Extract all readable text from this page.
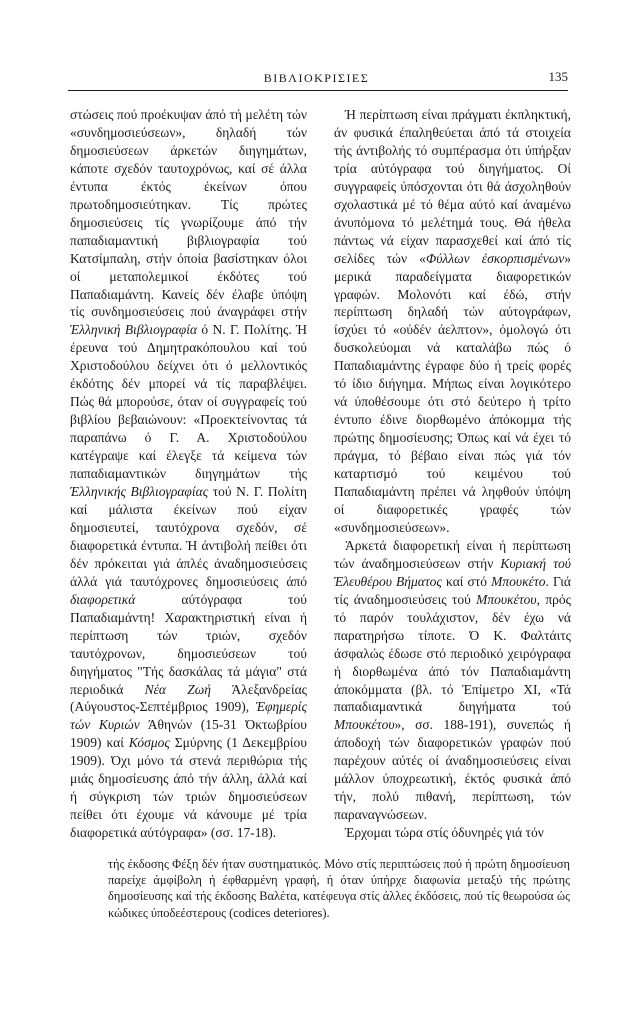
ΒΙΒΛΙΟΚΡΙΣΙΕΣ	135

στώσεις πού προέκυψαν άπό τή μελέτη τών «συνδημοσιεύσεων», δηλαδή τών δημοσιεύσεων άρκετών διηγημάτων, κάποτε σχεδόν ταυτοχρόνως, καί σέ άλλα έντυπα έκτός έκείνων όπου πρωτοδημοσιεύτηκαν. Τίς πρώτες δημοσιεύσεις τίς γνωρίζουμε άπό τήν παπαδιαμαντική βιβλιογραφία τού Κατσίμπαλη, στήν όποία βασίστηκαν όλοι οί μεταπολεμικοί έκδότες τού Παπαδιαμάντη. Κανείς δέν έλαβε ύπόψη τίς συνδημοσιεύσεις πού άναγράφει στήν Έλληνική Βιβλιογραφία ό Ν. Γ. Πολίτης. Ή έρευνα τού Δημητρακόπουλου καί τού Χριστοδούλου δείχνει ότι ό μελλοντικός έκδότης δέν μπορεί νά τίς παραβλέψει. Πώς θά μπορούσε, όταν οί συγγραφείς τού βιβλίου βεβαιώνουν: «Προεκτείνοντας τά παραπάνω ό Γ. Α. Χριστοδούλου κατέγραψε καί έλεγξε τά κείμενα τών παπαδιαμαντικών διηγημάτων τής Έλληνικής Βιβλιογραφίας τού Ν. Γ. Πολίτη καί μάλιστα έκείνων πού είχαν δημοσιευτεί, ταυτόχρονα σχεδόν, σέ διαφορετικά έντυπα. Ή άντιβολή πείθει ότι δέν πρόκειται γιά άπλές άναδημοσιεύσεις άλλά γιά ταυτόχρονες δημοσιεύσεις άπό διαφορετικά αύτόγραφα τού Παπαδιαμάντη! Χαρακτηριστική είναι ή περίπτωση τών τριών, σχεδόν ταυτόχρονων, δημοσιεύσεων τού διηγήματος "Τής δασκάλας τά μάγια" στά περιοδικά Νέα Ζωή Άλεξανδρείας (Αύγουστος-Σεπτέμβριος 1909), Έφημερίς τών Κυριών Άθηνών (15-31 Όκτωβρίου 1909) καί Κόσμος Σμύρνης (1 Δεκεμβρίου 1909). Όχι μόνο τά στενά περιθώρια τής μιάς δημοσίευσης άπό τήν άλλη, άλλά καί ή σύγκριση τών τριών δημοσιεύσεων πείθει ότι έχουμε νά κάνουμε μέ τρία διαφορετικά αύτόγραφα» (σσ. 17-18).

Ή περίπτωση είναι πράγματι έκπληκτική, άν φυσικά έπαληθεύεται άπό τά στοιχεία τής άντιβολής τό συμπέρασμα ότι ύπήρξαν τρία αύτόγραφα τού διηγήματος. Οί συγγραφείς ύπόσχονται ότι θά άσχοληθούν σχολαστικά μέ τό θέμα αύτό καί άναμένω άνυπόμονα τό μελέτημά τους. Θά ήθελα πάντως νά είχαν παρασχεθεί καί άπό τίς σελίδες τών «Φύλλων έσκορπισμένων» μερικά παραδείγματα διαφορετικών γραφών. Μολονότι καί έδώ, στήν περίπτωση δηλαδή τών αύτογράφων, ίσχύει τό «ούδέν άελπτον», όμολογώ ότι δυσκολεύομαι νά καταλάβω πώς ό Παπαδιαμάντης έγραφε δύο ή τρείς φορές τό ίδιο διήγημα. Μήπως είναι λογικότερο νά ύποθέσουμε ότι στό δεύτερο ή τρίτο έντυπο έδινε διορθωμένο άπόκομμα τής πρώτης δημοσίευσης; Όπως καί νά έχει τό πράγμα, τό βέβαιο είναι πώς γιά τόν καταρτισμό τού κειμένου τού Παπαδιαμάντη πρέπει νά ληφθούν ύπόψη οί διαφορετικές γραφές τών «συνδημοσιεύσεων».

Άρκετά διαφορετική είναι ή περίπτωση τών άναδημοσιεύσεων στήν Κυριακή τού Έλευθέρου Βήματος καί στό Μπουκέτο. Γιά τίς άναδημοσιεύσεις τού Μπουκέτου, πρός τό παρόν τουλάχιστον, δέν έχω νά παρατηρήσω τίποτε. Ό Κ. Φαλτάιτς άσφαλώς έδωσε στό περιοδικό χειρόγραφα ή διορθωμένα άπό τόν Παπαδιαμάντη άποκόμματα (βλ. τό Έπίμετρο XI, «Τά παπαδιαμαντικά διηγήματα τού Μπουκέτου», σσ. 188-191), συνεπώς ή άποδοχή τών διαφορετικών γραφών πού παρέχουν αύτές οί άναδημοσιεύσεις είναι μάλλον ύποχρεωτική, έκτός φυσικά άπό τήν, πολύ πιθανή, περίπτωση, τών παραναγνώσεων.

Έρχομαι τώρα στίς όδυνηρές γιά τόν

τής έκδοσης Φέξη δέν ήταν συστηματικός. Μόνο στίς περιπτώσεις πού ή πρώτη δημοσίευση παρείχε άμφίβολη ή έφθαρμένη γραφή, ή όταν ύπήρχε διαφωνία μεταξύ τής πρώτης δημοσίευσης καί τής έκδοσης Βαλέτα, κατέφευγα στίς άλλες έκδόσεις, πού τίς θεωρούσα ώς κώδικες ύποδεέστερους (codices deteriores).
